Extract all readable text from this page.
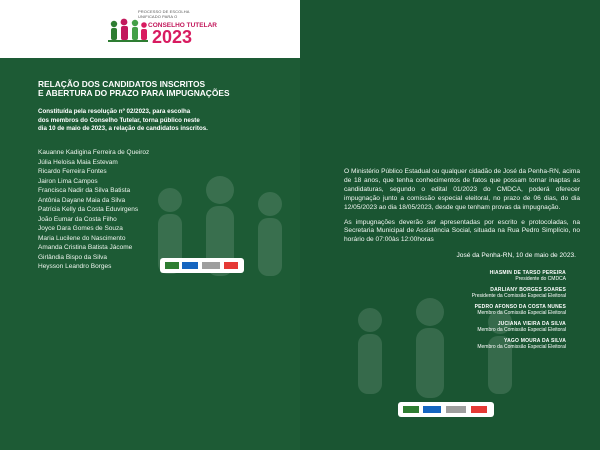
PROCESSO DE ESCOLHA UNIFICADO PARA O
CONSELHO TUTELAR
2023
RELAÇÃO DOS CANDIDATOS INSCRITOS
E ABERTURA DO PRAZO PARA IMPUGNAÇÕES
Constituída pela resolução nº 02/2023, para escolha
dos membros do Conselho Tutelar, torna público neste
dia 10 de maio de 2023, a relação de candidatos inscritos.
Kauanne Kadigina Ferreira de Queiroz
Júlia Heloisa Maia Estevam
Ricardo Ferreira Fontes
Jairon Lima Campos
Francisca Nadir da Silva Batista
Antônia Dayane Maia da Silva
Patrícia Kelly da Costa Eduvirgens
João Eumar da Costa Filho
Joyce Dara Gomes de Souza
Maria Lucilene do Nascimento
Amanda Cristina Batista Jácome
Girlândia Bispo da Silva
Heysson Leandro Borges

O Ministério Público Estadual ou qualquer cidadão de José da Penha-RN, acima de 18 anos, que tenha conhecimentos de fatos que possam tornar inaptas as candidaturas, segundo o edital 01/2023 do CMDCA, poderá oferecer impugnação junto a comissão especial eleitoral, no prazo de 06 dias, do dia 12/05/2023 ao dia 18/05/2023, desde que tenham provas da impugnação.

As impugnações deverão ser apresentadas por escrito e protocoladas, na Secretaria Municipal de Assistência Social, situada na Rua Pedro Simplício, no horário de 07:00às 12:00horas

José da Penha-RN, 10 de maio de 2023.
HIASMIN DE TARSO PEREIRA
Presidente do CMDCA
DARLIANY BORGES SOARES
Presidente da Comissão Especial Eleitoral
PEDRO AFONSO DA COSTA NUNES
Membro da Comissão Especial Eleitoral
JUCIANA VIEIRA DA SILVA
Membro da Comissão Especial Eleitoral
YAGO MOURA DA SILVA
Membro da Comissão Especial Eleitoral
